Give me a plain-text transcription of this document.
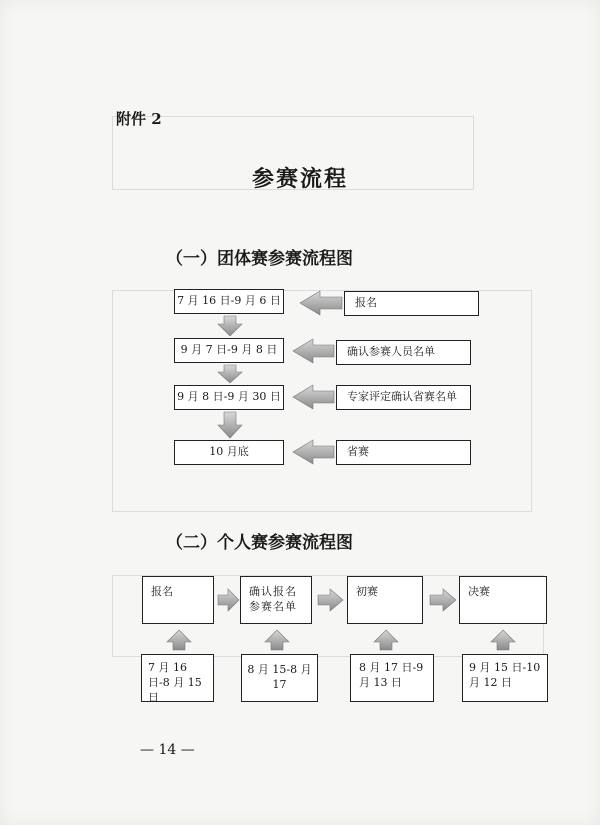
附件 2
参赛流程
（一）团体赛参赛流程图
7 月 16 日-9 月 6 日
9 月 7 日-9 月 8 日
9 月 8 日-9 月 30 日
10 月底
报名
确认参赛人员名单
专家评定确认省赛名单
省赛
（二）个人赛参赛流程图
报名	确认报名参赛名单
初赛	决赛
7 月 16 日-8 月 15 日
8 月 15-8 月 17
8 月 17 日-9 月 13 日
9 月 15 日-10 月 12 日
— 14 —
